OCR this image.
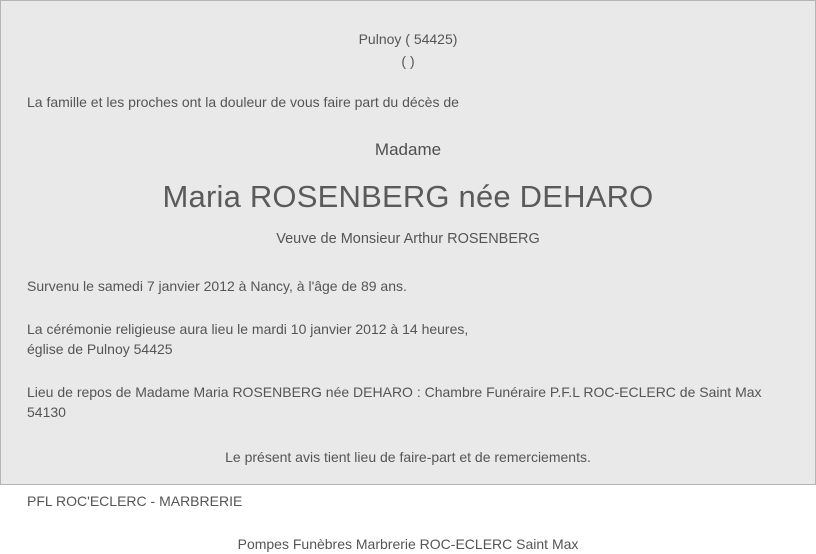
Pulnoy ( 54425)
( )
La famille et les proches ont la douleur de vous faire part du décès de
Madame
Maria ROSENBERG née DEHARO
Veuve de Monsieur Arthur ROSENBERG
Survenu le samedi 7 janvier 2012 à Nancy, à l'âge de 89 ans.
La cérémonie religieuse aura lieu le mardi 10 janvier 2012 à 14 heures,
église de Pulnoy 54425
Lieu de repos de Madame Maria ROSENBERG née DEHARO : Chambre Funéraire P.F.L ROC-ECLERC de Saint Max 54130
Le présent avis tient lieu de faire-part et de remerciements.
PFL ROC'ECLERC - MARBRERIE
Pompes Funèbres Marbrerie ROC-ECLERC Saint Max
